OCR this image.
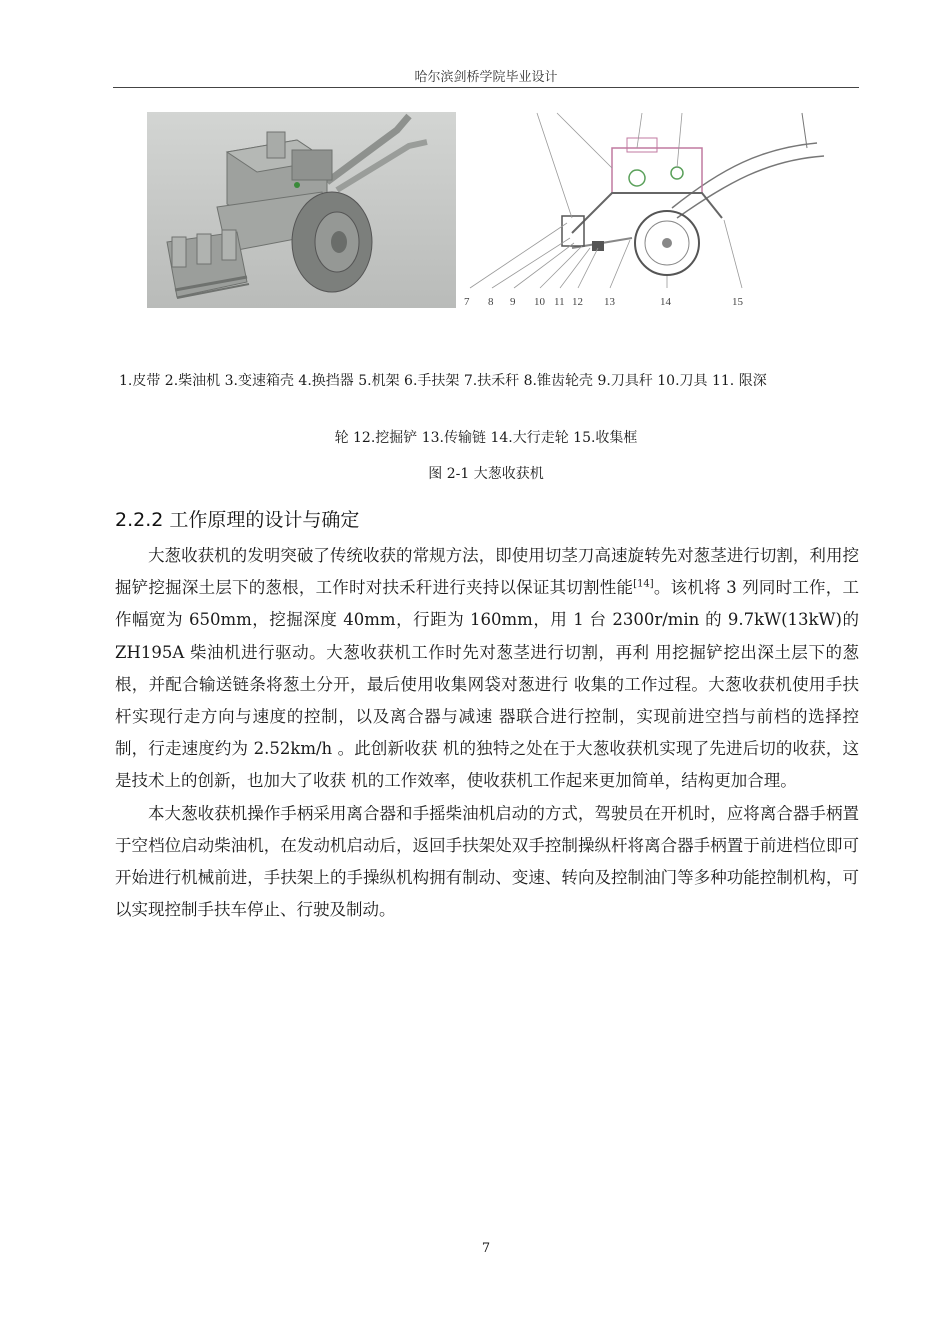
哈尔滨剑桥学院毕业设计
7 8 9 10 11 12 13	14	15
1.皮带 2.柴油机 3.变速箱壳 4.换挡器 5.机架 6.手扶架 7.扶禾秆 8.锥齿轮壳 9.刀具秆 10.刀具 11. 限深
轮 12.挖掘铲 13.传输链 14.大行走轮 15.收集框
图 2-1 大葱收获机
2.2.2 工作原理的设计与确定

大葱收获机的发明突破了传统收获的常规方法，即使用切茎刀高速旋转先对葱茎进行切割，利用挖掘铲挖掘深土层下的葱根，工作时对扶禾秆进行夹持以保证其切割性能[14]。该机将 3 列同时工作，工作幅宽为 650mm，挖掘深度 40mm，行距为 160mm，用 1 台 2300r/min 的 9.7kW(13kW)的 ZH195A 柴油机进行驱动。大葱收获机工作时先对葱茎进行切割，再利 用挖掘铲挖出深土层下的葱根，并配合输送链条将葱土分开，最后使用收集网袋对葱进行 收集的工作过程。大葱收获机使用手扶杆实现行走方向与速度的控制，以及离合器与减速 器联合进行控制，实现前进空挡与前档的选择控制，行走速度约为 2.52km/h 。此创新收获 机的独特之处在于大葱收获机实现了先进后切的收获，这是技术上的创新，也加大了收获 机的工作效率，使收获机工作起来更加简单，结构更加合理。

本大葱收获机操作手柄采用离合器和手摇柴油机启动的方式，驾驶员在开机时，应将离合器手柄置于空档位启动柴油机，在发动机启动后，返回手扶架处双手控制操纵杆将离合器手柄置于前进档位即可开始进行机械前进，手扶架上的手操纵机构拥有制动、变速、转向及控制油门等多种功能控制机构，可以实现控制手扶车停止、行驶及制动。

7
